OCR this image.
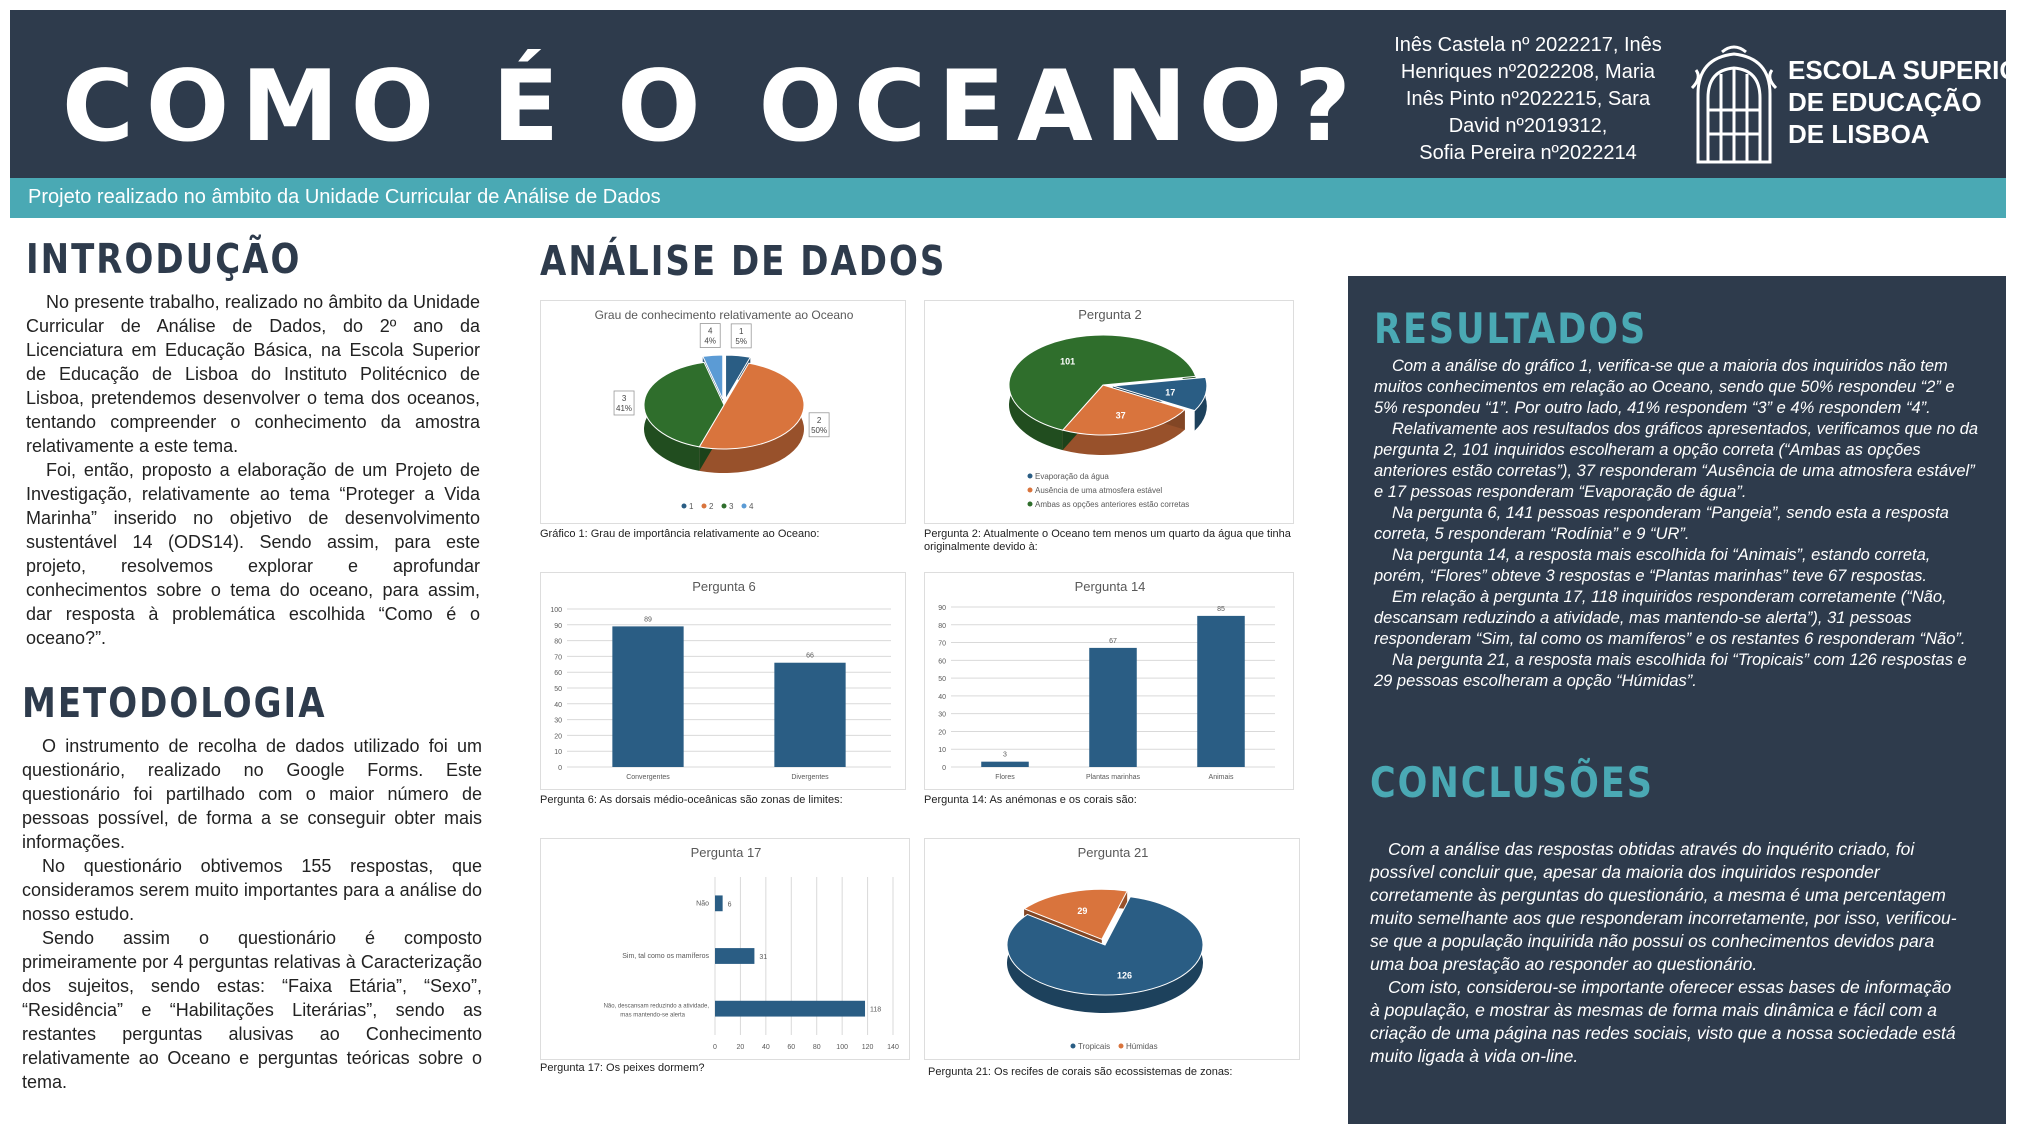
COMO É O OCEANO?
Inês Castela nº 2022217, Inês
Henriques nº2022208, Maria
Inês Pinto nº2022215, Sara
David nº2019312,
Sofia Pereira nº2022214
ESCOLA SUPERIOR
DE EDUCAÇÃO
DE LISBOA
Projeto realizado no âmbito da Unidade Curricular de Análise de Dados
INTRODUÇÃO

No presente trabalho, realizado no âmbito da Unidade Curricular de Análise de Dados, do 2º ano da Licenciatura em Educação Básica, na Escola Superior de Educação de Lisboa do Instituto Politécnico de Lisboa, pretendemos desenvolver o tema dos oceanos, tentando compreender o conhecimento da amostra relativamente a este tema.

Foi, então, proposto a elaboração de um Projeto de Investigação, relativamente ao tema “Proteger a Vida Marinha” inserido no objetivo de desenvolvimento sustentável 14 (ODS14). Sendo assim, para este projeto, resolvemos explorar e aprofundar conhecimentos sobre o tema do oceano, para assim, dar resposta à problemática escolhida “Como é o oceano?”.

METODOLOGIA

O instrumento de recolha de dados utilizado foi um questionário, realizado no Google Forms. Este questionário foi partilhado com o maior número de pessoas possível, de forma a se conseguir obter mais informações.

No questionário obtivemos 155 respostas, que consideramos serem muito importantes para a análise do nosso estudo.

Sendo assim o questionário é composto primeiramente por 4 perguntas relativas à Caracterização dos sujeitos, sendo estas: “Faixa Etária”, “Sexo”, “Residência” e “Habilitações Literárias”, sendo as restantes perguntas alusivas ao Conhecimento relativamente ao Oceano e perguntas teóricas sobre o tema.

ANÁLISE DE DADOS
Grau de conhecimento relativamente ao Oceano
1
5%
2
50%
3
41%
4
4%
1 2 3 4
Gráfico 1: Grau de importância relativamente ao Oceano:
Pergunta 2
17
37
101
Evaporação da água
Ausência de uma atmosfera estável
Ambas as opções anteriores estão corretas
Pergunta 2: Atualmente o Oceano tem menos um quarto da água que tinha originalmente devido à:
Pergunta 6
0
10
20
30
40
50
60
70
80
90
100
89
Convergentes
66
Divergentes
Pergunta 6: As dorsais médio-oceânicas são zonas de limites:
Pergunta 14
0
10
20
30
40
50
60
70
80
90
3
Flores
67
Plantas marinhas
85
Animais
Pergunta 14: As anémonas e os corais são:
Pergunta 17
0	20	40	60	80 100 120 140
6
Não
31
Sim, tal como os mamíferos
118
Não, descansam reduzindo a atividade,
mas mantendo-se alerta
Pergunta 17: Os peixes dormem?
Pergunta 21
126
29
Tropicais Húmidas
Pergunta 21: Os recifes de corais são ecossistemas de zonas:
RESULTADOS

Com a análise do gráfico 1, verifica-se que a maioria dos inquiridos não tem muitos conhecimentos em relação ao Oceano, sendo que 50% respondeu “2” e 5% respondeu “1”. Por outro lado, 41% respondem “3” e 4% respondem “4”.

Relativamente aos resultados dos gráficos apresentados, verificamos que no da pergunta 2, 101 inquiridos escolheram a opção correta (“Ambas as opções anteriores estão corretas”), 37 responderam “Ausência de uma atmosfera estável” e 17 pessoas responderam “Evaporação de água”.

Na pergunta 6, 141 pessoas responderam “Pangeia”, sendo esta a resposta correta, 5 responderam “Rodínia” e 9 “UR”.

Na pergunta 14, a resposta mais escolhida foi “Animais”, estando correta, porém, “Flores” obteve 3 respostas e “Plantas marinhas” teve 67 respostas.

Em relação à pergunta 17, 118 inquiridos responderam corretamente (“Não, descansam reduzindo a atividade, mas mantendo-se alerta”), 31 pessoas responderam “Sim, tal como os mamíferos” e os restantes 6 responderam “Não”.

Na pergunta 21, a resposta mais escolhida foi “Tropicais” com 126 respostas e 29 pessoas escolheram a opção “Húmidas”.

CONCLUSÕES

Com a análise das respostas obtidas através do inquérito criado, foi possível concluir que, apesar da maioria dos inquiridos responder corretamente às perguntas do questionário, a mesma é uma percentagem muito semelhante aos que responderam incorretamente, por isso, verificou-se que a população inquirida não possui os conhecimentos devidos para uma boa prestação ao responder ao questionário.

Com isto, considerou-se importante oferecer essas bases de informação à população, e mostrar às mesmas de forma mais dinâmica e fácil com a criação de uma página nas redes sociais, visto que a nossa sociedade está muito ligada à vida on-line.
